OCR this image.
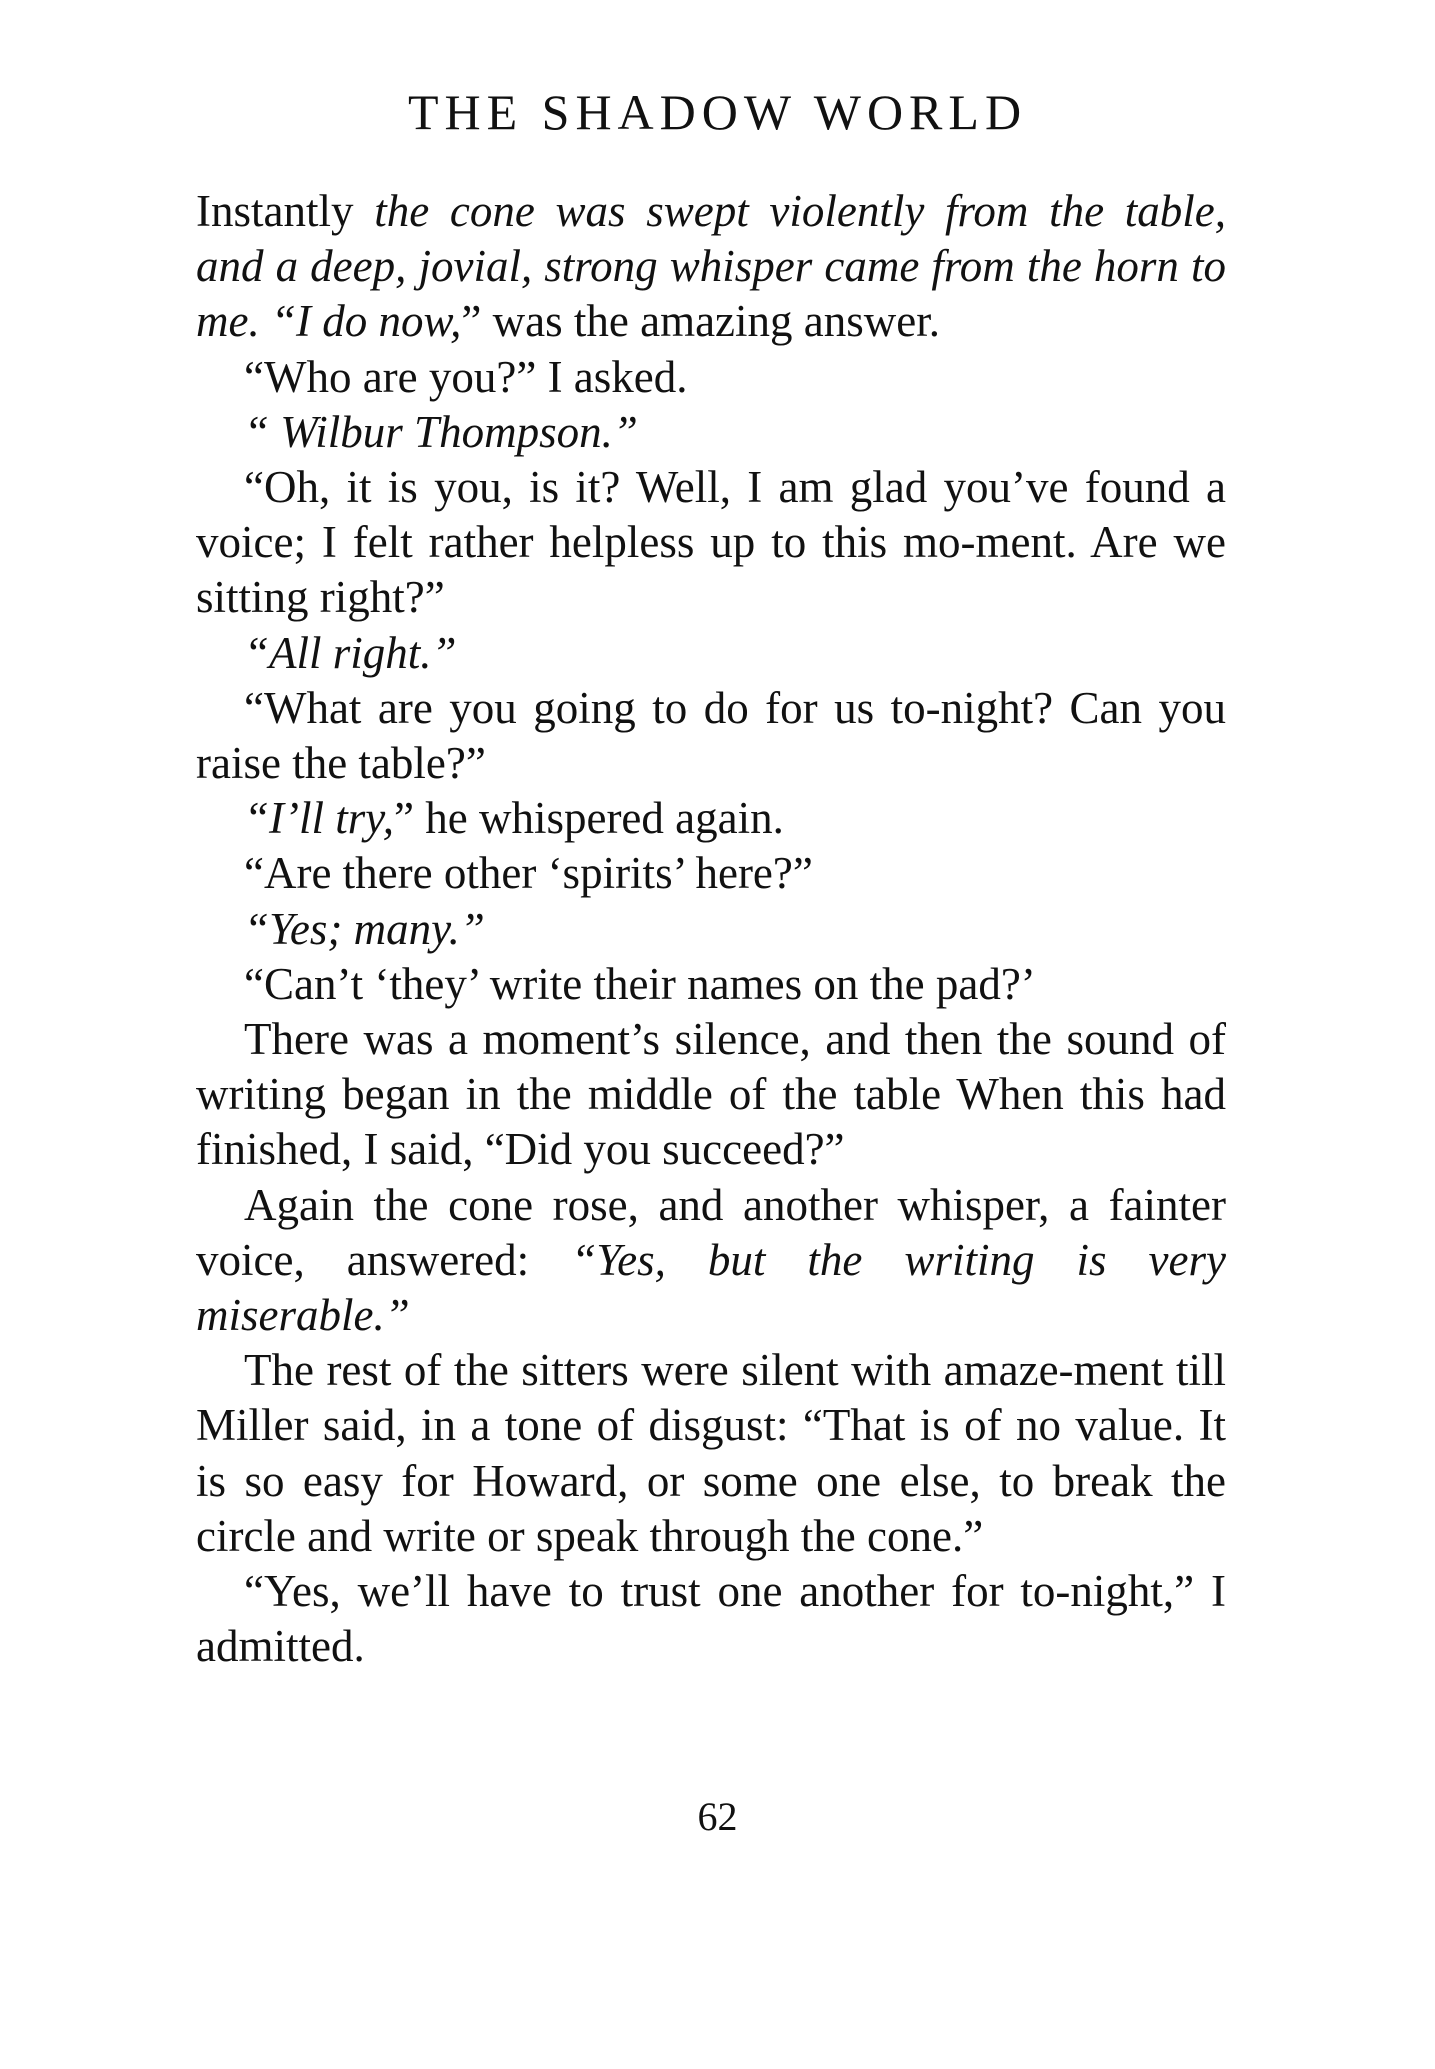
THE SHADOW WORLD

Instantly the cone was swept violently from the table, and a deep, jovial, strong whisper came from the horn to me. “I do now,” was the amazing answer.

“Who are you?” I asked.

“ Wilbur Thompson.”

“Oh, it is you, is it? Well, I am glad you’ve found a voice; I felt rather helpless up to this mo-ment. Are we sitting right?”

“All right.”

“What are you going to do for us to-night? Can you raise the table?”

“I’ll try,” he whispered again.

“Are there other ‘spirits’ here?”

“Yes; many.”

“Can’t ‘they’ write their names on the pad?’

There was a moment’s silence, and then the sound of writing began in the middle of the table When this had finished, I said, “Did you succeed?”

Again the cone rose, and another whisper, a fainter voice, answered: “Yes, but the writing is very miserable.”

The rest of the sitters were silent with amaze-ment till Miller said, in a tone of disgust: “That is of no value. It is so easy for Howard, or some one else, to break the circle and write or speak through the cone.”

“Yes, we’ll have to trust one another for to-night,” I admitted.

62
